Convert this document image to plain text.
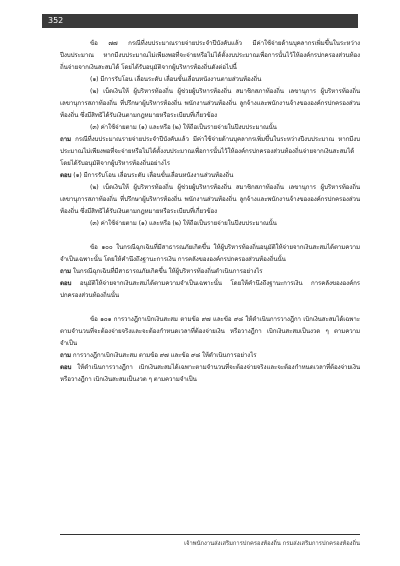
352
ข้อ ๗๗ กรณีที่งบประมาณรายจ่ายประจำปีบังคับแล้ว มีค่าใช้จ่ายด้านบุคลากรเพิ่มขึ้นในระหว่างปีงบประมาณ หากมีงบประมาณไม่เพียงพอที่จะจ่ายหรือไม่ได้ตั้งงบประมาณเพื่อการนั้นไว้ให้องค์กรปกครองส่วนท้องถิ่นจ่ายจากเงินสะสมได้ โดยได้รับอนุมัติจากผู้บริหารท้องถิ่นดังต่อไปนี้
(๑) มีการรับโอน เลื่อนระดับ เลื่อนขั้นเลื่อนหนังงานตามส่วนท้องถิ่น
(๒) เบ็ดเงินให้ ผู้บริหารท้องถิ่น ผู้ช่วยผู้บริหารท้องถิ่น สมาชิกสภาท้องถิ่น เลขานุการ ผู้บริหารท้องถิ่น เลขานุการสภาท้องถิ่น ที่ปรึกษาผู้บริหารท้องถิ่น พนักงานส่วนท้องถิ่น ลูกจ้างและพนักงานจ้างขององค์กรปกครองส่วนท้องถิ่น ซึ่งมีสิทธิได้รับเงินตามกฎหมายหรือระเบียบที่เกี่ยวข้อง
(๓) ค่าใช้จ่ายตาม (๑) และหรือ (๒) ให้ถือเป็นรายจ่ายในปีงบประมาณนั้น
ถาม กรณีที่งบประมาณรายจ่ายประจำปีบังคับแล้ว มีค่าใช้จ่ายด้านบุคลากรเพิ่มขึ้นในระหว่างปีงบประมาณ หากมีงบประมาณไม่เพียงพอที่จะจ่ายหรือไม่ได้ตั้งงบประมาณเพื่อการนั้นไว้ให้องค์กรปกครองส่วนท้องถิ่นจ่ายจากเงินสะสมได้ โดยได้รับอนุมัติจากผู้บริหารท้องถิ่นอย่างไร
ตอบ (๑) มีการรับโอน เลื่อนระดับ เลื่อนขั้นเลื่อนหนังงานส่วนท้องถิ่น
(๒) เบ็ดเงินให้ ผู้บริหารท้องถิ่น ผู้ช่วยผู้บริหารท้องถิ่น สมาชิกสภาท้องถิ่น เลขานุการ ผู้บริหารท้องถิ่น เลขานุการสภาท้องถิ่น ที่ปรึกษาผู้บริหารท้องถิ่น พนักงานส่วนท้องถิ่น ลูกจ้างและพนักงานจ้างขององค์กรปกครองส่วนท้องถิ่น ซึ่งมีสิทธิได้รับเงินตามกฎหมายหรือระเบียบที่เกี่ยวข้อง
(๓) ค่าใช้จ่ายตาม (๑) และหรือ (๒) ให้ถือเป็นรายจ่ายในปีงบประมาณนั้น
ข้อ ๑๐๐ ในกรณีฉุกเฉินที่มีสาธารณภัยเกิดขึ้น ให้ผู้บริหารท้องถิ่นอนุมัติให้จ่ายจากเงินสะสมได้ตามความจำเป็นเฉพาะนั้น โดยให้คำนึงถึงฐานะการเงิน การคลังขององค์กรปกครองส่วนท้องถิ่นนั้น
ถาม ในกรณีฉุกเฉินที่มีสาธารณภัยเกิดขึ้น ให้ผู้บริหารท้องถิ่นดำเนินการอย่างไร
ตอบ อนุมัติให้จ่ายจากเงินสะสมได้ตามความจำเป็นเฉพาะนั้น โดยให้คำนึงถึงฐานะการเงิน การคลังขององค์กรปกครองส่วนท้องถิ่นนั้น
ข้อ ๑๐๑ การวางฎีกาเบิกเงินสะสม ตามข้อ ๙๗ และข้อ ๙๘ ให้ดำเนินการวางฎีกา เบิกเงินสะสมได้เฉพาะตามจำนวนที่จะต้องจ่ายจริงและจะต้องกำหนดเวลาที่ต้องจ่ายเงิน หรือวางฎีกา เบิกเงินสะสมเป็นงวด ๆ ตามความจำเป็น
ถาม การวางฎีกาเบิกเงินสะสม ตามข้อ ๙๗ และข้อ ๙๘ ให้ดำเนินการอย่างไร
ตอบ ให้ดำเนินการวางฎีกา เบิกเงินสะสมได้เฉพาะตามจำนวนที่จะต้องจ่ายจริงและจะต้องกำหนดเวลาที่ต้องจ่ายเงิน หรือวางฎีกา เบิกเงินสะสมเป็นงวด ๆ ตามความจำเป็น
เจ้าพนักงานส่งเสริมการปกครองท้องถิ่น กรมส่งเสริมการปกครองท้องถิ่น
